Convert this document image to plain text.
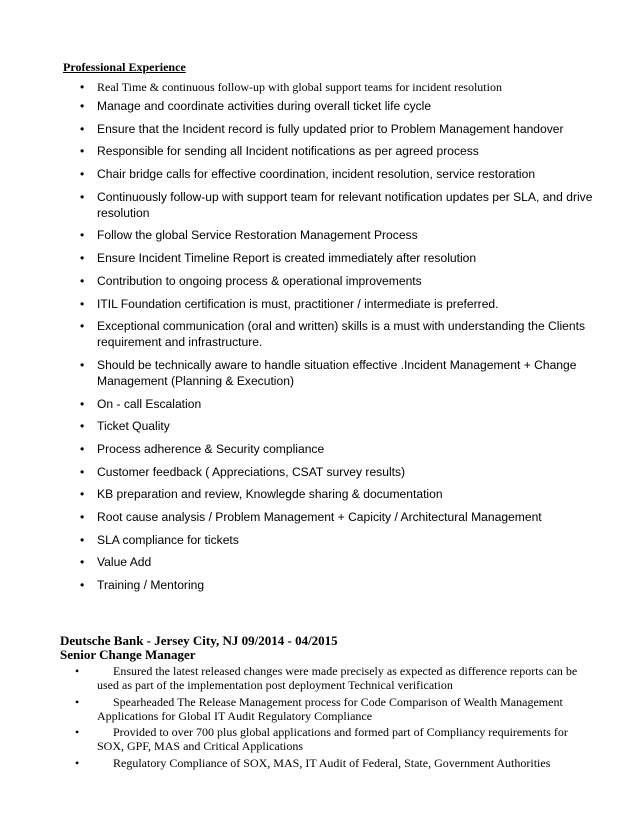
Professional Experience
• Real Time & continuous follow-up with global support teams for incident resolution
• Manage and coordinate activities during overall ticket life cycle
• Ensure that the Incident record is fully updated prior to Problem Management handover
• Responsible for sending all Incident notifications as per agreed process
• Chair bridge calls for effective coordination, incident resolution, service restoration
• Continuously follow-up with support team for relevant notification updates per SLA, and drive resolution
• Follow the global Service Restoration Management Process
• Ensure Incident Timeline Report is created immediately after resolution
• Contribution to ongoing process & operational improvements
• ITIL Foundation certification is must, practitioner / intermediate is preferred.
• Exceptional communication (oral and written) skills is a must with understanding the Clients requirement and infrastructure.
• Should be technically aware to handle situation effective .Incident Management + Change Management (Planning & Execution)
• On - call Escalation
• Ticket Quality
• Process adherence & Security compliance
• Customer feedback ( Appreciations, CSAT survey results)
• KB preparation and review, Knowlegde sharing & documentation
• Root cause analysis / Problem Management + Capicity / Architectural Management
• SLA compliance for tickets
• Value Add
• Training / Mentoring
Deutsche Bank - Jersey City, NJ 09/2014 - 04/2015
Senior Change Manager
•	Ensured the latest released changes were made precisely as expected as difference reports can be used as part of the implementation post deployment Technical verification
•	Spearheaded The Release Management process for Code Comparison of Wealth Management Applications for Global IT Audit Regulatory Compliance
•	Provided to over 700 plus global applications and formed part of Compliancy requirements for SOX, GPF, MAS and Critical Applications
•	Regulatory Compliance of SOX, MAS, IT Audit of Federal, State, Government Authorities
